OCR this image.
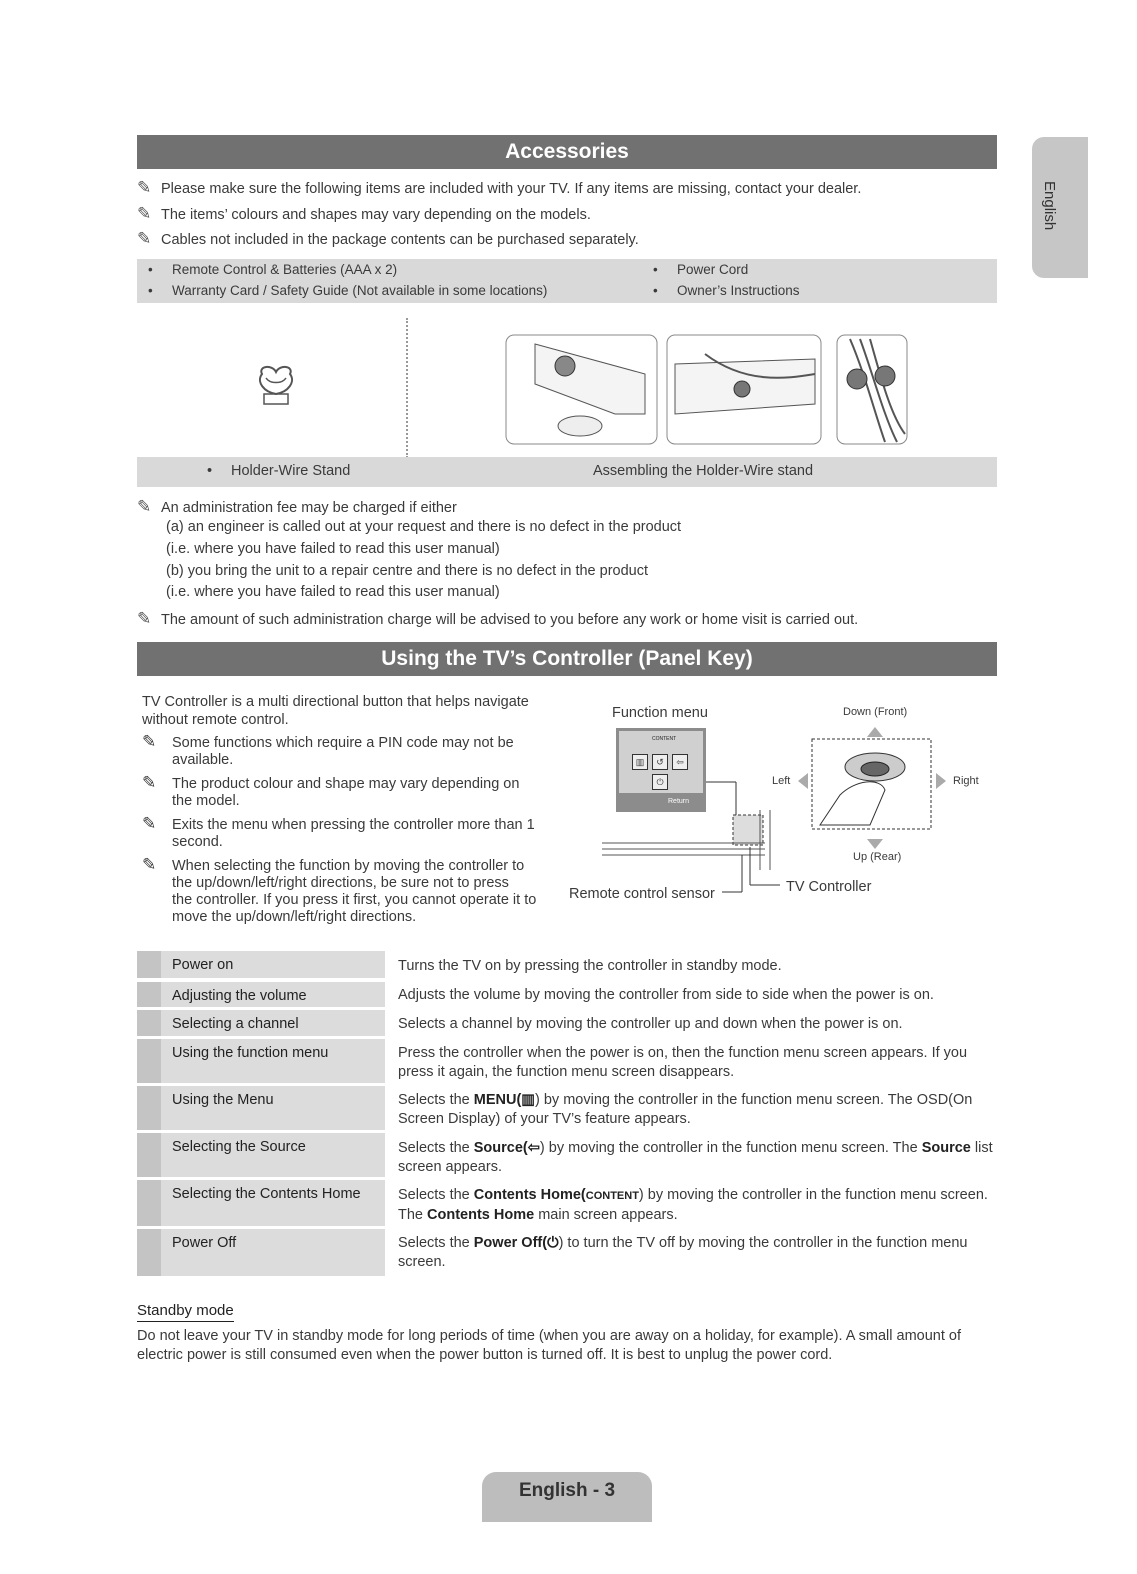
English
Accessories
✎ Please make sure the following items are included with your TV. If any items are missing, contact your dealer.
✎ The items’ colours and shapes may vary depending on the models.
✎ Cables not included in the package contents can be purchased separately.
• Remote Control & Batteries (AAA x 2)
• Warranty Card / Safety Guide (Not available in some locations)
• Power Cord
• Owner’s Instructions
• Holder-Wire Stand	Assembling the Holder-Wire stand
✎ An administration fee may be charged if either
(a) an engineer is called out at your request and there is no defect in the product
(i.e. where you have failed to read this user manual)
(b) you bring the unit to a repair centre and there is no defect in the product
(i.e. where you have failed to read this user manual)
✎ The amount of such administration charge will be advised to you before any work or home visit is carried out.
Using the TV’s Controller (Panel Key)
TV Controller is a multi directional button that helps navigate
without remote control.
✎ Some functions which require a PIN code may not be
available.
✎ The product colour and shape may vary depending on
the model.
✎ Exits the menu when pressing the controller more than 1
second.
✎ When selecting the function by moving the controller to
the up/down/left/right directions, be sure not to press
the controller. If you press it first, you cannot operate it to
move the up/down/left/right directions.
Function menu
CONTENT
▥	↺	⇦
⏻
Return
Down (Front)
Up (Rear)
Left	Right
Remote control sensor	TV Controller
Power on	Turns the TV on by pressing the controller in standby mode.
Adjusting the volume	Adjusts the volume by moving the controller from side to side when the power is on.
Selecting a channel	Selects a channel by moving the controller up and down when the power is on.
Using the function menu	Press the controller when the power is on, then the function menu screen appears. If you press it again, the function menu screen disappears.
Using the Menu	Selects the MENU(▥) by moving the controller in the function menu screen. The OSD(On Screen Display) of your TV’s feature appears.
Selecting the Source	Selects the Source(⇦) by moving the controller in the function menu screen. The Source list screen appears.
Selecting the Contents Home	Selects the Contents Home(CONTENT) by moving the controller in the function menu screen. The Contents Home main screen appears.
Power Off	Selects the Power Off(⏻) to turn the TV off by moving the controller in the function menu screen.
Standby mode
Do not leave your TV in standby mode for long periods of time (when you are away on a holiday, for example). A small amount of electric power is still consumed even when the power button is turned off. It is best to unplug the power cord.
English - 3
